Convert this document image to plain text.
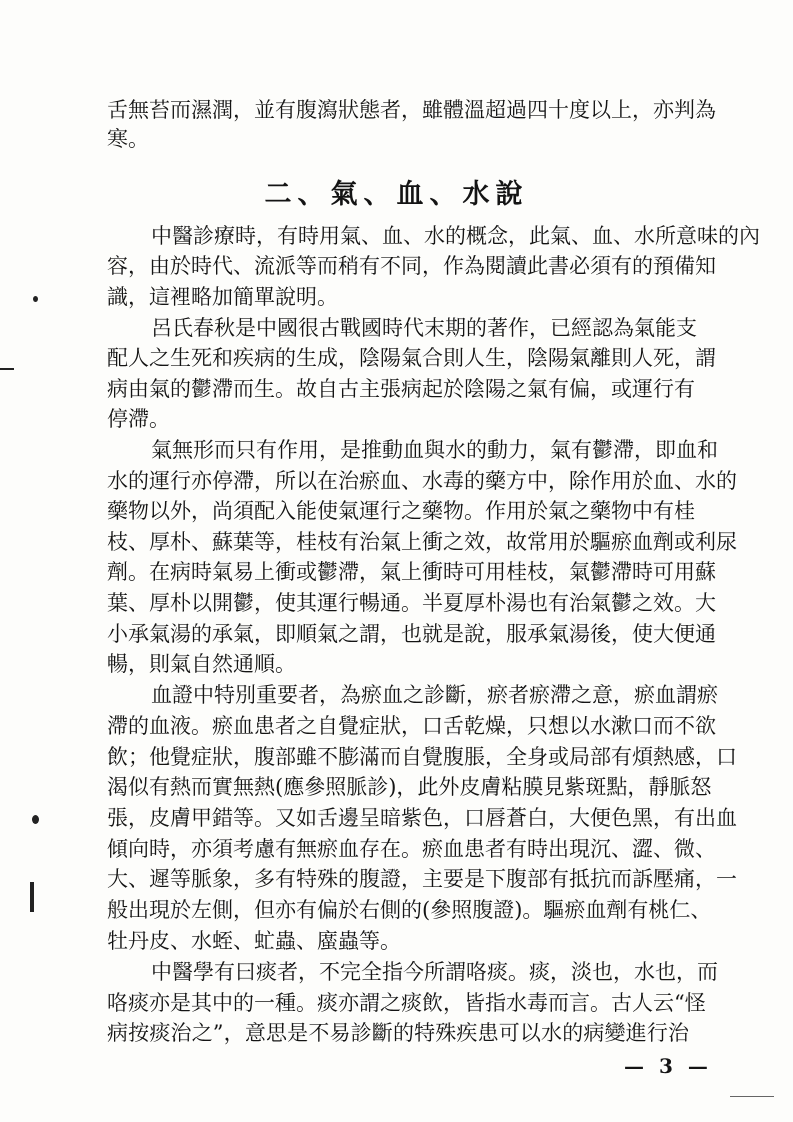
舌無苔而濕潤，並有腹瀉狀態者，雖體溫超過四十度以上，亦判為
寒。
二、氣、血、水說
中醫診療時，有時用氣、血、水的概念，此氣、血、水所意味的內
容，由於時代、流派等而稍有不同，作為閱讀此書必須有的預備知
識，這裡略加簡單說明。
呂氏春秋是中國很古戰國時代末期的著作，已經認為氣能支
配人之生死和疾病的生成，陰陽氣合則人生，陰陽氣離則人死，謂
病由氣的鬱滯而生。故自古主張病起於陰陽之氣有偏，或運行有
停滯。
氣無形而只有作用，是推動血與水的動力，氣有鬱滯，即血和
水的運行亦停滯，所以在治瘀血、水毒的藥方中，除作用於血、水的
藥物以外，尚須配入能使氣運行之藥物。作用於氣之藥物中有桂
枝、厚朴、蘇葉等，桂枝有治氣上衝之效，故常用於驅瘀血劑或利尿
劑。在病時氣易上衝或鬱滯，氣上衝時可用桂枝，氣鬱滯時可用蘇
葉、厚朴以開鬱，使其運行暢通。半夏厚朴湯也有治氣鬱之效。大
小承氣湯的承氣，即順氣之謂，也就是說，服承氣湯後，使大便通
暢，則氣自然通順。
血證中特別重要者，為瘀血之診斷，瘀者瘀滯之意，瘀血謂瘀
滯的血液。瘀血患者之自覺症狀，口舌乾燥，只想以水漱口而不欲
飲；他覺症狀，腹部雖不膨滿而自覺腹脹，全身或局部有煩熱感，口
渴似有熱而實無熱(應參照脈診)，此外皮膚粘膜見紫斑點，靜脈怒
張，皮膚甲錯等。又如舌邊呈暗紫色，口唇蒼白，大便色黑，有出血
傾向時，亦須考慮有無瘀血存在。瘀血患者有時出現沉、澀、微、
大、遲等脈象，多有特殊的腹證，主要是下腹部有抵抗而訴壓痛，一
般出現於左側，但亦有偏於右側的(參照腹證)。驅瘀血劑有桃仁、
牡丹皮、水蛭、虻蟲、䗪蟲等。
中醫學有曰痰者，不完全指今所謂咯痰。痰，淡也，水也，而
咯痰亦是其中的一種。痰亦謂之痰飲，皆指水毒而言。古人云“怪
病按痰治之”，意思是不易診斷的特殊疾患可以水的病變進行治
— 3 —
